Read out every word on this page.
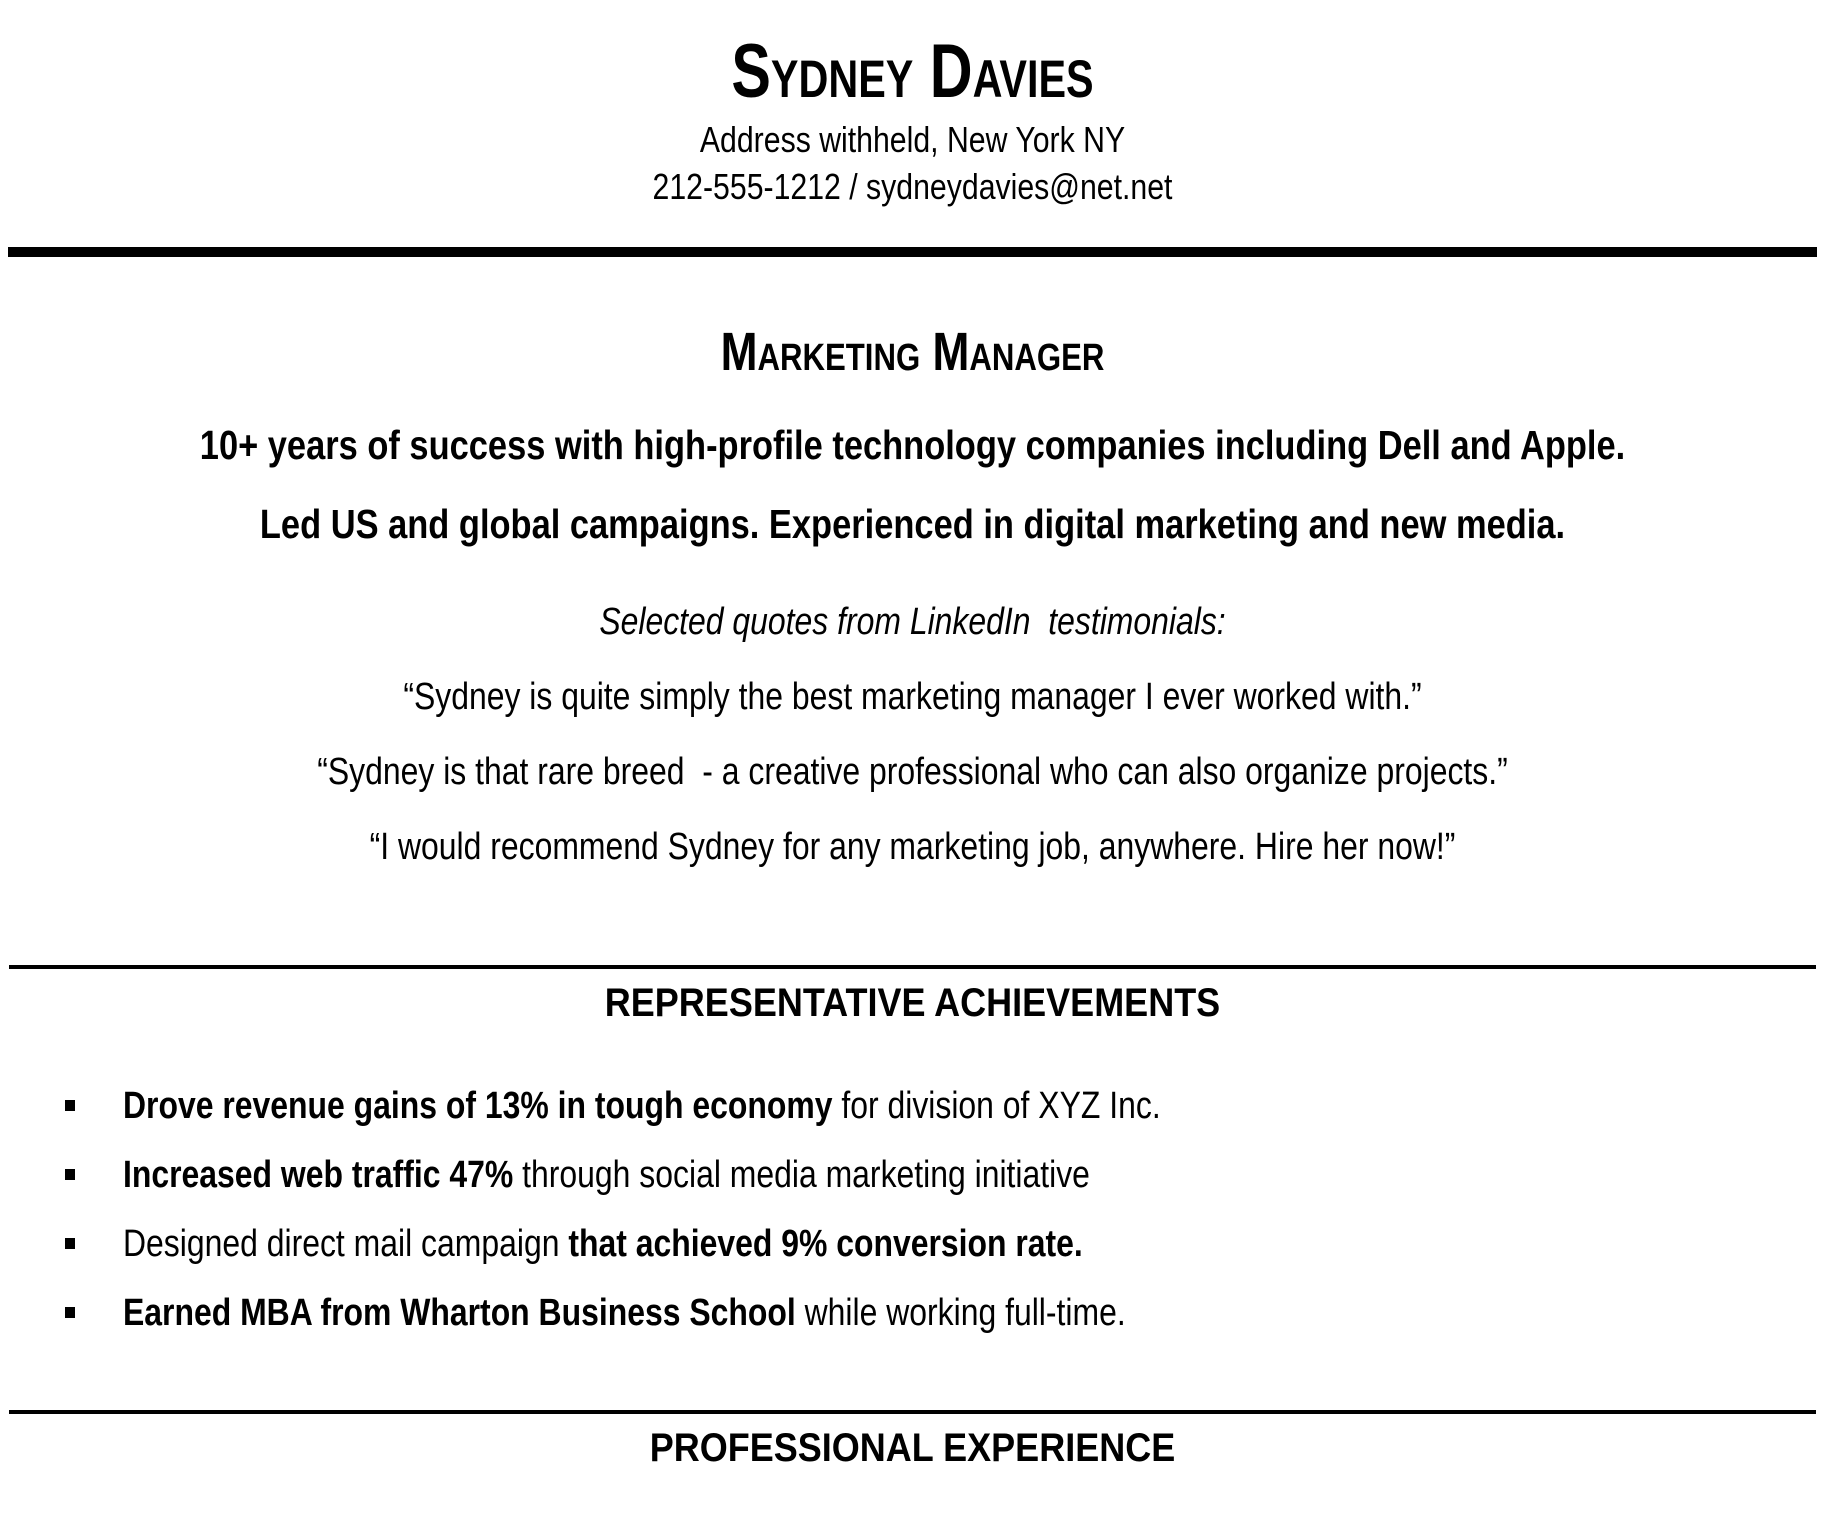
Sydney Davies
Address withheld, New York NY
212-555-1212 / sydneydavies@net.net
Marketing Manager
10+ years of success with high-profile technology companies including Dell and Apple.
Led US and global campaigns. Experienced in digital marketing and new media.
Selected quotes from LinkedIn  testimonials:
“Sydney is quite simply the best marketing manager I ever worked with.”
“Sydney is that rare breed  - a creative professional who can also organize projects.”
“I would recommend Sydney for any marketing job, anywhere. Hire her now!”
REPRESENTATIVE ACHIEVEMENTS
Drove revenue gains of 13% in tough economy for division of XYZ Inc.
Increased web traffic 47% through social media marketing initiative
Designed direct mail campaign that achieved 9% conversion rate.
Earned MBA from Wharton Business School while working full-time.
PROFESSIONAL EXPERIENCE
